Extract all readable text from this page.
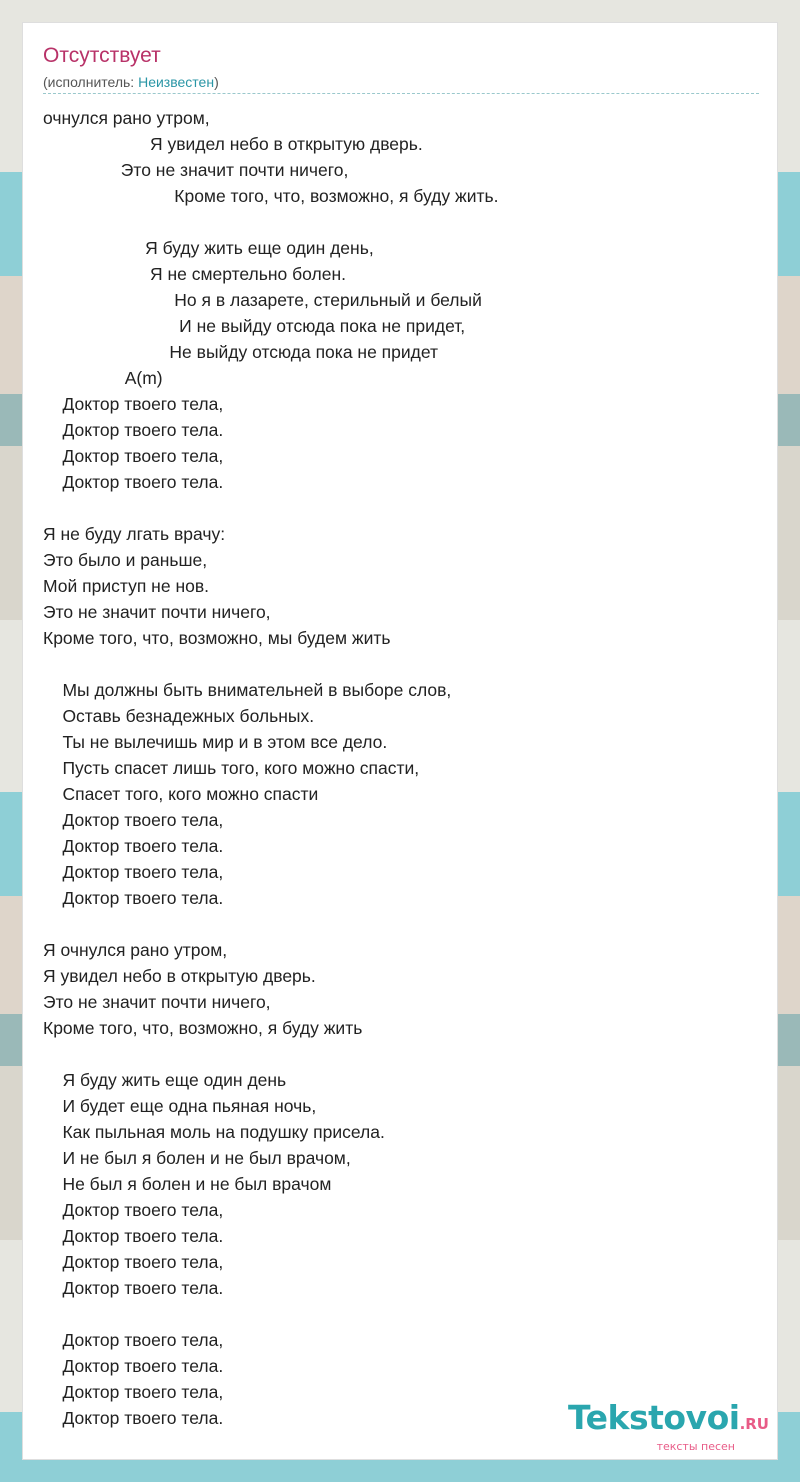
Отсутствует
(исполнитель: Неизвестен)
очнулся рано утром,
Я увидел небо в открытую дверь.
Это не значит почти ничего,
Кроме того, что, возможно, я буду жить.
Я буду жить еще один день,
Я не смертельно болен.
Но я в лазарете, стерильный и белый
И не выйду отсюда пока не придет,
Не выйду отсюда пока не придет
A(m)
Доктор твоего тела,
Доктор твоего тела.
Доктор твоего тела,
Доктор твоего тела.
Я не буду лгать врачу:
Это было и раньше,
Мой приступ не нов.
Это не значит почти ничего,
Кроме того, что, возможно, мы будем жить
Мы должны быть внимательней в выборе слов,
Оставь безнадежных больных.
Ты не вылечишь мир и в этом все дело.
Пусть спасет лишь того, кого можно спасти,
Спасет того, кого можно спасти
Доктор твоего тела,
Доктор твоего тела.
Доктор твоего тела,
Доктор твоего тела.
Я очнулся рано утром,
Я увидел небо в открытую дверь.
Это не значит почти ничего,
Кроме того, что, возможно, я буду жить
Я буду жить еще один день
И будет еще одна пьяная ночь,
Как пыльная моль на подушку присела.
И не был я болен и не был врачом,
Не был я болен и не был врачом
Доктор твоего тела,
Доктор твоего тела.
Доктор твоего тела,
Доктор твоего тела.
Доктор твоего тела,
Доктор твоего тела.
Доктор твоего тела,
Доктор твоего тела.	Tekstovoi.RU
тексты песен
